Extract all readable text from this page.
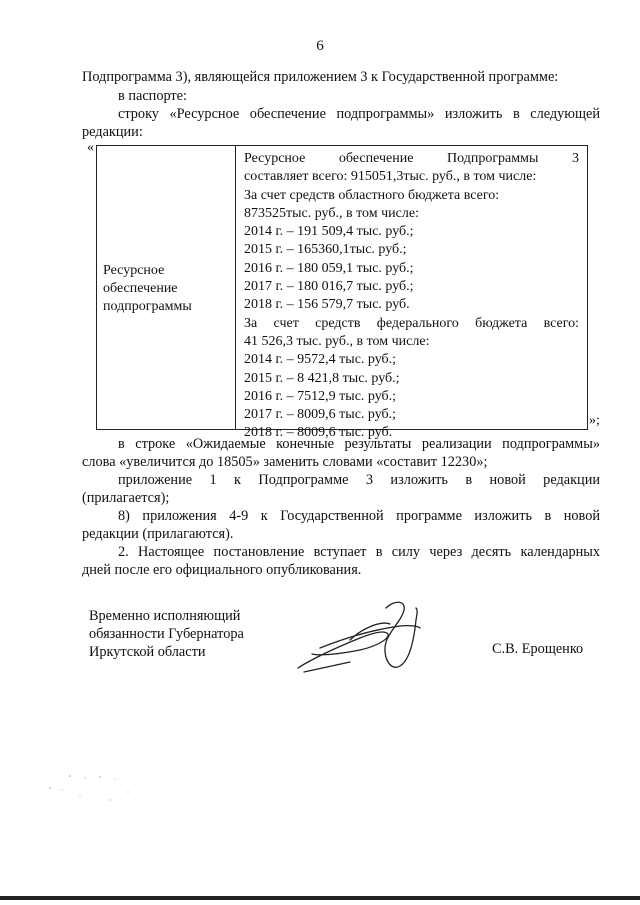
6
Подпрограмма 3), являющейся приложением 3 к Государственной программе:
в паспорте:
строку «Ресурсное обеспечение подпрограммы» изложить в следующей
редакции:
«
Ресурсное
обеспечение
подпрограммы
Ресурсное обеспечение Подпрограммы 3
составляет всего: 915051,3тыс. руб., в том числе:
За счет средств областного бюджета всего:
873525тыс. руб., в том числе:
2014 г. – 191 509,4 тыс. руб.;
2015 г. – 165360,1тыс. руб.;
2016 г. – 180 059,1 тыс. руб.;
2017 г. – 180 016,7 тыс. руб.;
2018 г. – 156 579,7 тыс. руб.
За счет средств федерального бюджета всего:
41 526,3 тыс. руб., в том числе:
2014 г. – 9572,4 тыс. руб.;
2015 г. – 8 421,8 тыс. руб.;
2016 г. – 7512,9 тыс. руб.;
2017 г. – 8009,6 тыс. руб.;
2018 г. – 8009,6 тыс. руб.
»;
в строке «Ожидаемые конечные результаты реализации подпрограммы»
слова «увеличится до 18505» заменить словами «составит 12230»;
приложение 1 к Подпрограмме 3 изложить в новой редакции
(прилагается);
8) приложения 4-9 к Государственной программе изложить в новой
редакции (прилагаются).
2. Настоящее постановление вступает в силу через десять календарных
дней после его официального опубликования.
Временно исполняющий
обязанности Губернатора
Иркутской области	С.В. Ерощенко
